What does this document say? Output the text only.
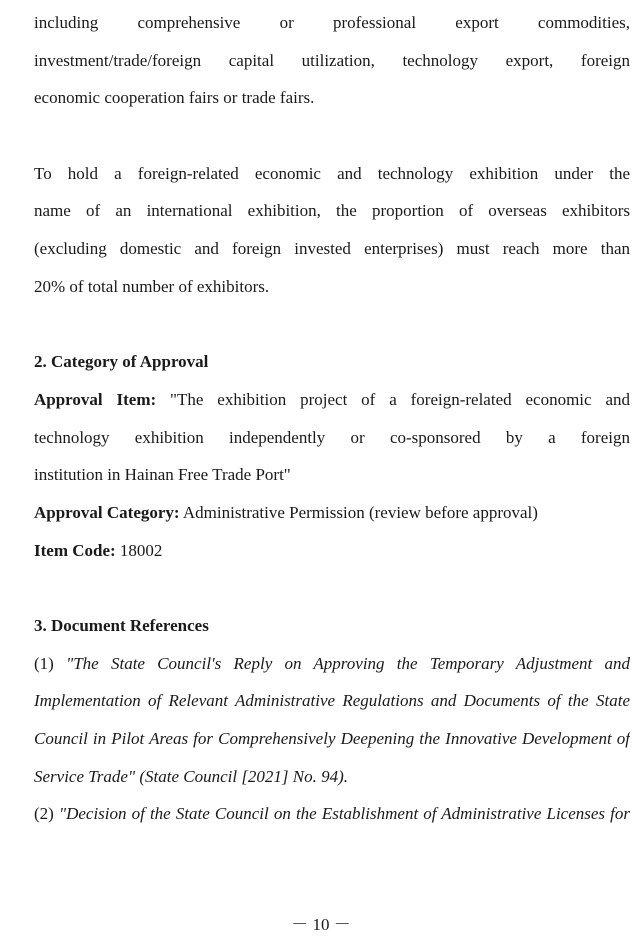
including comprehensive or professional export commodities,
investment/trade/foreign capital utilization, technology export, foreign
economic cooperation fairs or trade fairs.
To hold a foreign-related economic and technology exhibition under the
name of an international exhibition, the proportion of overseas exhibitors
(excluding domestic and foreign invested enterprises) must reach more than
20% of total number of exhibitors.
2. Category of Approval
Approval Item: "The exhibition project of a foreign-related economic and
technology exhibition independently or co-sponsored by a foreign
institution in Hainan Free Trade Port"
Approval Category: Administrative Permission (review before approval)
Item Code: 18002
3. Document References
(1) "The State Council's Reply on Approving the Temporary Adjustment and
Implementation of Relevant Administrative Regulations and Documents of the State
Council in Pilot Areas for Comprehensively Deepening the Innovative Development of
Service Trade" (State Council [2021] No. 94).
(2) "Decision of the State Council on the Establishment of Administrative Licenses for
－ 10 －
